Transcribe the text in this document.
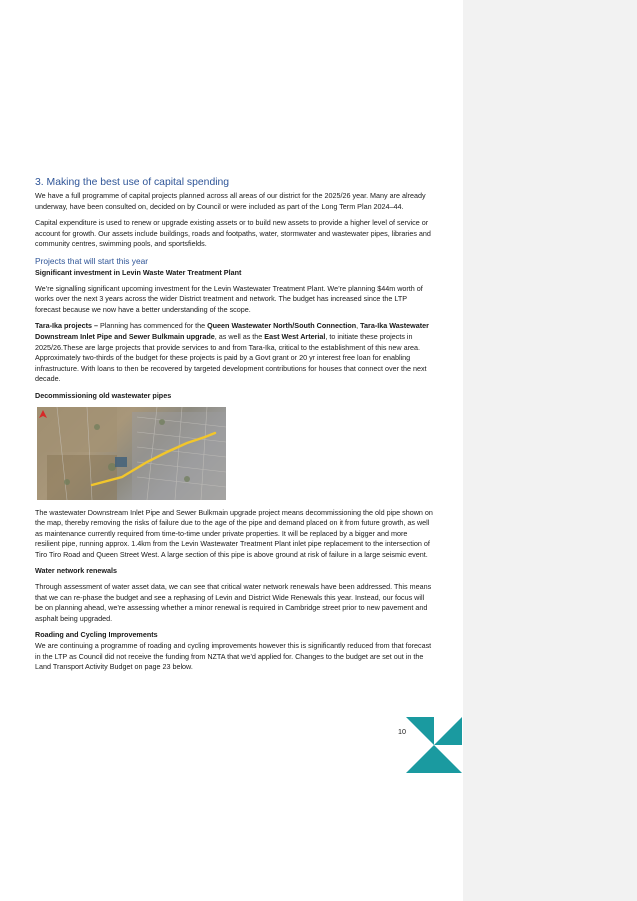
3. Making the best use of capital spending

We have a full programme of capital projects planned across all areas of our district for the 2025/26 year. Many are already underway, have been consulted on, decided on by Council or were included as part of the Long Term Plan 2024–44.

Capital expenditure is used to renew or upgrade existing assets or to build new assets to provide a higher level of service or account for growth. Our assets include buildings, roads and footpaths, water, stormwater and wastewater pipes, libraries and community centres, swimming pools, and sportsfields.

Projects that will start this year

Significant investment in Levin Waste Water Treatment Plant

We’re signalling significant upcoming investment for the Levin Wastewater Treatment Plant. We’re planning $44m worth of works over the next 3 years across the wider District treatment and network. The budget has increased since the LTP forecast because we now have a better understanding of the scope.

Tara-Ika projects – Planning has commenced for the Queen Wastewater North/South Connection, Tara-Ika Wastewater Downstream Inlet Pipe and Sewer Bulkmain upgrade, as well as the East West Arterial, to initiate these projects in 2025/26.These are large projects that provide services to and from Tara-Ika, critical to the establishment of this new area. Approximately two-thirds of the budget for these projects is paid by a Govt grant or 20 yr interest free loan for enabling infrastructure. With loans to then be recovered by targeted development contributions for houses that connect over the next decade.

Decommissioning old wastewater pipes

The wastewater Downstream Inlet Pipe and Sewer Bulkmain upgrade project means decommissioning the old pipe shown on the map, thereby removing the risks of failure due to the age of the pipe and demand placed on it from future growth, as well as maintenance currently required from time-to-time under private properties. It will be replaced by a bigger and more resilient pipe, running approx. 1.4km from the Levin Wastewater Treatment Plant inlet pipe replacement to the intersection of Tiro Tiro Road and Queen Street West. A large section of this pipe is above ground at risk of failure in a large seismic event.

Water network renewals

Through assessment of water asset data, we can see that critical water network renewals have been addressed. This means that we can re-phase the budget and see a rephasing of Levin and District Wide Renewals this year. Instead, our focus will be on planning ahead, we’re assessing whether a minor renewal is required in Cambridge street prior to new pavement and asphalt being upgraded.

Roading and Cycling Improvements

We are continuing a programme of roading and cycling improvements however this is significantly reduced from that forecast in the LTP as Council did not receive the funding from NZTA that we’d applied for. Changes to the budget are set out in the Land Transport Activity Budget on page 23 below.

10
